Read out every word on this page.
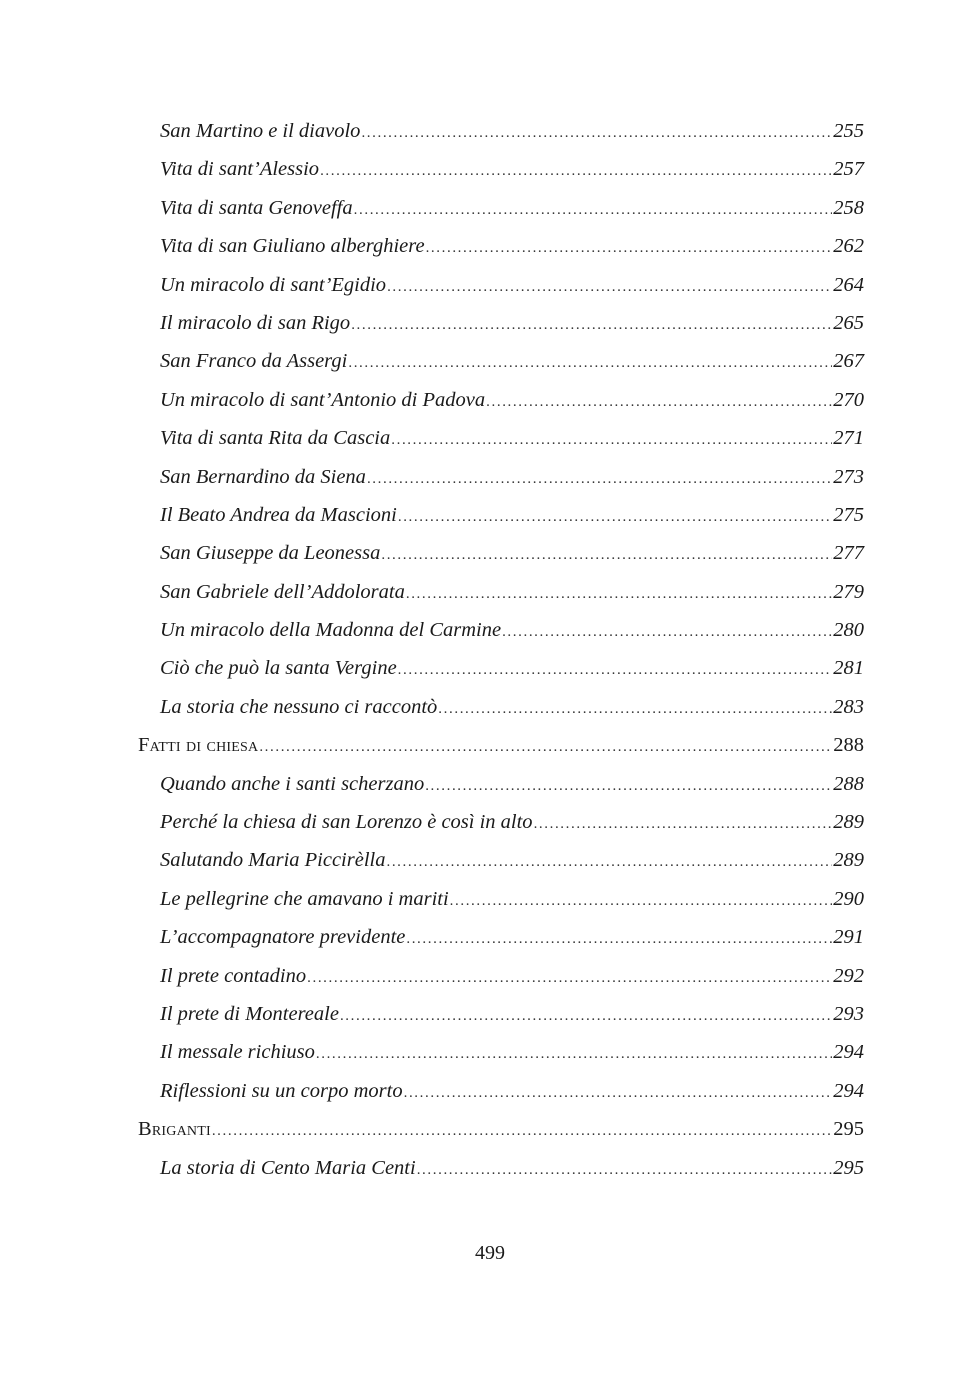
San Martino e il diavolo .....	255
Vita di sant’Alessio .....	257
Vita di santa Genoveffa .....	258
Vita di san Giuliano alberghiere .....	262
Un miracolo di sant’Egidio .....	264
Il miracolo di san Rigo .....	265
San Franco da Assergi .....	267
Un miracolo di sant’Antonio di Padova .....	270
Vita di santa Rita da Cascia .....	271
San Bernardino da Siena .....	273
Il Beato Andrea da Mascioni .....	275
San Giuseppe da Leonessa .....	277
San Gabriele dell’Addolorata .....	279
Un miracolo della Madonna del Carmine .....	280
Ciò che può la santa Vergine .....	281
La storia che nessuno ci raccontò .....	283
Fatti di chiesa .....	288
Quando anche i santi scherzano .....	288
Perché la chiesa di san Lorenzo è così in alto .....	289
Salutando Maria Piccirèlla .....	289
Le pellegrine che amavano i mariti .....	290
L’accompagnatore previdente .....	291
Il prete contadino .....	292
Il prete di Montereale .....	293
Il messale richiuso .....	294
Riflessioni su un corpo morto .....	294
Briganti .....	295
La storia di Cento Maria Centi .....	295
499
